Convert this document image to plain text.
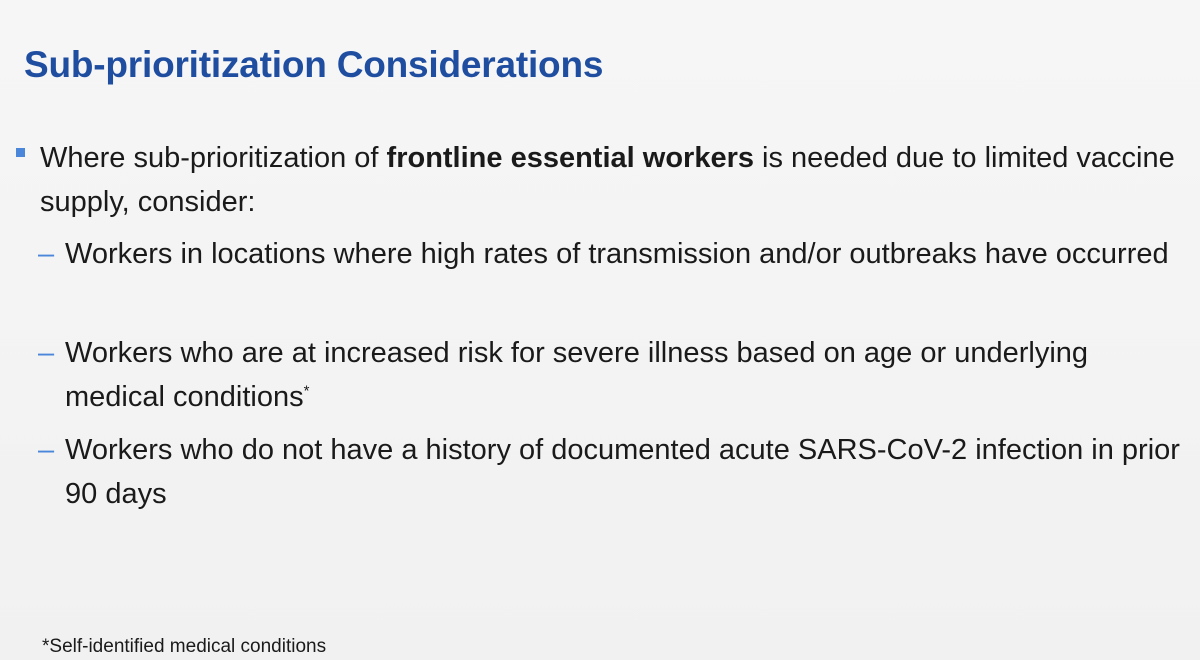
Sub-prioritization Considerations
Where sub-prioritization of frontline essential workers is needed due to limited vaccine supply, consider:
– Workers in locations where high rates of transmission and/or outbreaks have occurred
– Workers who are at increased risk for severe illness based on age or underlying medical conditions*
– Workers who do not have a history of documented acute SARS-CoV-2 infection in prior 90 days
*Self-identified medical conditions
